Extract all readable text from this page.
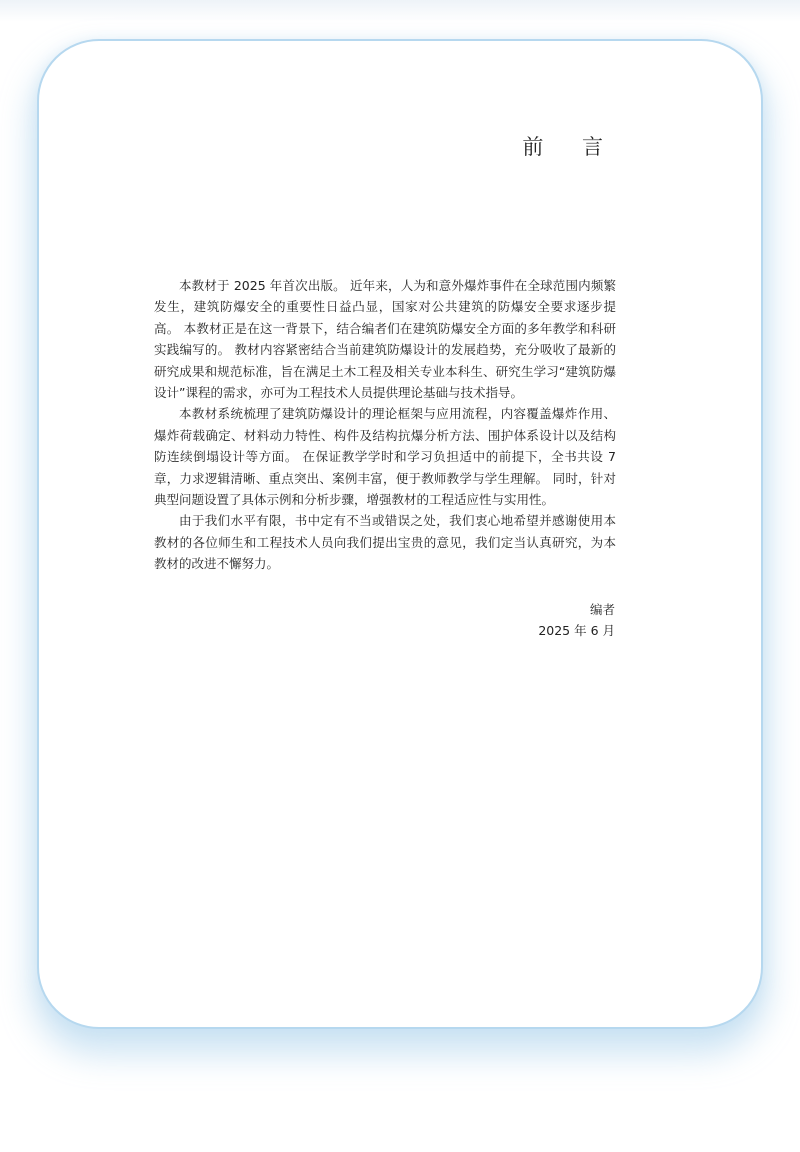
前 言

本教材于 2025 年首次出版。 近年来，人为和意外爆炸事件在全球范围内频繁发生，建筑防爆安全的重要性日益凸显，国家对公共建筑的防爆安全要求逐步提高。 本教材正是在这一背景下，结合编者们在建筑防爆安全方面的多年教学和科研实践编写的。 教材内容紧密结合当前建筑防爆设计的发展趋势，充分吸收了最新的研究成果和规范标准，旨在满足土木工程及相关专业本科生、研究生学习“建筑防爆设计”课程的需求，亦可为工程技术人员提供理论基础与技术指导。

本教材系统梳理了建筑防爆设计的理论框架与应用流程，内容覆盖爆炸作用、爆炸荷载确定、材料动力特性、构件及结构抗爆分析方法、围护体系设计以及结构防连续倒塌设计等方面。 在保证教学学时和学习负担适中的前提下，全书共设 7 章，力求逻辑清晰、重点突出、案例丰富，便于教师教学与学生理解。 同时，针对典型问题设置了具体示例和分析步骤，增强教材的工程适应性与实用性。

由于我们水平有限，书中定有不当或错误之处，我们衷心地希望并感谢使用本教材的各位师生和工程技术人员向我们提出宝贵的意见，我们定当认真研究，为本教材的改进不懈努力。

编者
2025 年 6 月
